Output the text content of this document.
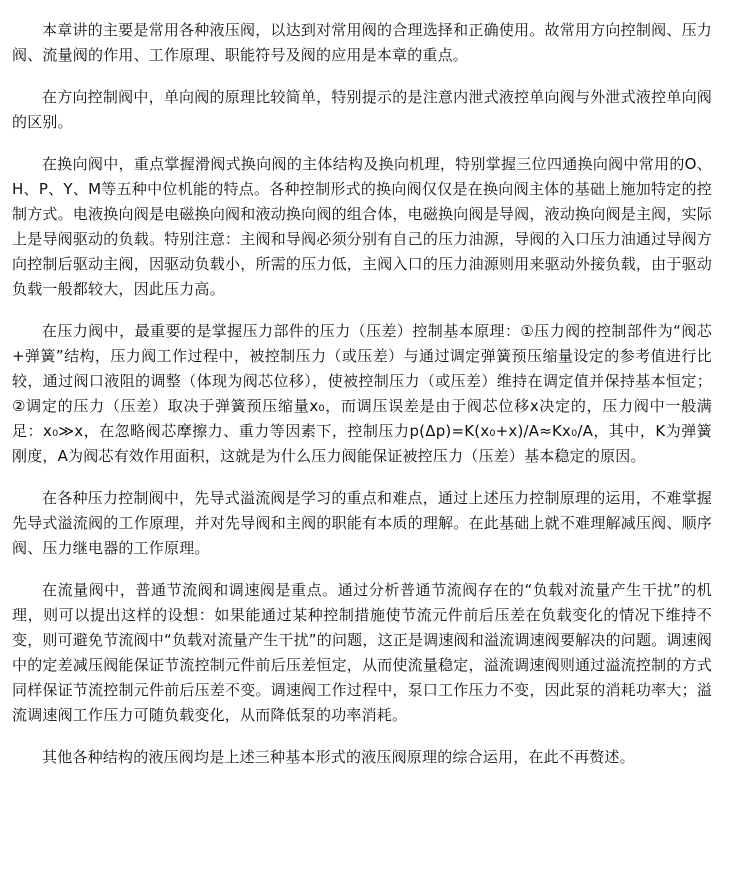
本章讲的主要是常用各种液压阀，以达到对常用阀的合理选择和正确使用。故常用方向控制阀、压力阀、流量阀的作用、工作原理、职能符号及阀的应用是本章的重点。

在方向控制阀中，单向阀的原理比较简单，特别提示的是注意内泄式液控单向阀与外泄式液控单向阀的区别。

在换向阀中，重点掌握滑阀式换向阀的主体结构及换向机理，特别掌握三位四通换向阀中常用的O、H、P、Y、M等五种中位机能的特点。各种控制形式的换向阀仅仅是在换向阀主体的基础上施加特定的控制方式。电液换向阀是电磁换向阀和液动换向阀的组合体，电磁换向阀是导阀，液动换向阀是主阀，实际上是导阀驱动的负载。特别注意：主阀和导阀必须分别有自己的压力油源，导阀的入口压力油通过导阀方向控制后驱动主阀，因驱动负载小，所需的压力低，主阀入口的压力油源则用来驱动外接负载，由于驱动负载一般都较大，因此压力高。

在压力阀中，最重要的是掌握压力部件的压力（压差）控制基本原理：①压力阀的控制部件为“阀芯+弹簧”结构，压力阀工作过程中，被控制压力（或压差）与通过调定弹簧预压缩量设定的参考值进行比较，通过阀口液阻的调整（体现为阀芯位移），使被控制压力（或压差）维持在调定值并保持基本恒定；②调定的压力（压差）取决于弹簧预压缩量x₀，而调压误差是由于阀芯位移x决定的，压力阀中一般满足：x₀≫x，在忽略阀芯摩擦力、重力等因素下，控制压力p(Δp)=K(x₀+x)/A≈Kx₀/A，其中，K为弹簧刚度，A为阀芯有效作用面积，这就是为什么压力阀能保证被控压力（压差）基本稳定的原因。

在各种压力控制阀中，先导式溢流阀是学习的重点和难点，通过上述压力控制原理的运用，不难掌握先导式溢流阀的工作原理，并对先导阀和主阀的职能有本质的理解。在此基础上就不难理解减压阀、顺序阀、压力继电器的工作原理。

在流量阀中，普通节流阀和调速阀是重点。通过分析普通节流阀存在的“负载对流量产生干扰”的机理，则可以提出这样的设想：如果能通过某种控制措施使节流元件前后压差在负载变化的情况下维持不变，则可避免节流阀中“负载对流量产生干扰”的问题，这正是调速阀和溢流调速阀要解决的问题。调速阀中的定差减压阀能保证节流控制元件前后压差恒定，从而使流量稳定，溢流调速阀则通过溢流控制的方式同样保证节流控制元件前后压差不变。调速阀工作过程中，泵口工作压力不变，因此泵的消耗功率大；溢流调速阀工作压力可随负载变化，从而降低泵的功率消耗。

其他各种结构的液压阀均是上述三种基本形式的液压阀原理的综合运用，在此不再赘述。
